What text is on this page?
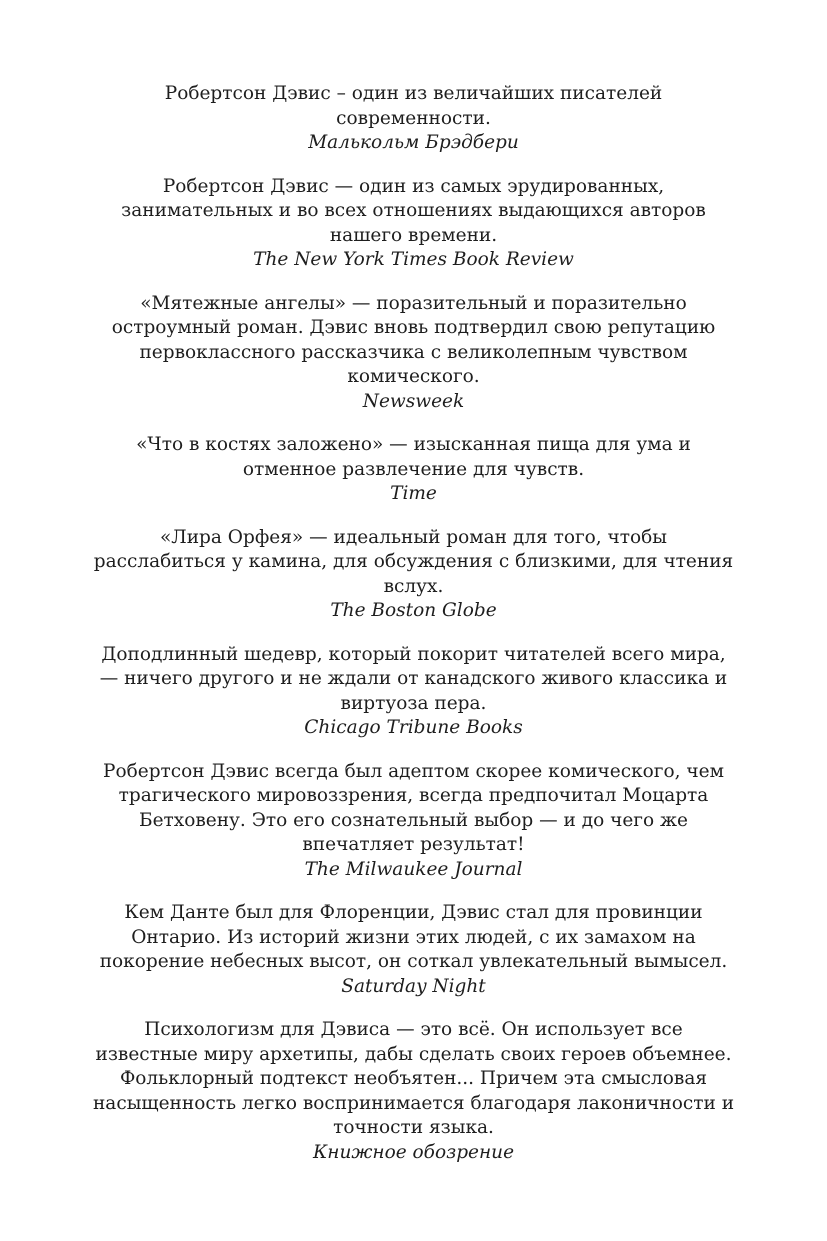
Робертсон Дэвис – один из величайших писателей современности.
Малькольм Брэдбери
Робертсон Дэвис — один из самых эрудированных, занимательных и во всех отношениях выдающихся авторов нашего времени.
The New York Times Book Review
«Мятежные ангелы» — поразительный и поразительно остроумный роман. Дэвис вновь подтвердил свою репутацию первоклассного рассказчика с великолепным чувством комического.
Newsweek
«Что в костях заложено» — изысканная пища для ума и отменное развлечение для чувств.
Time
«Лира Орфея» — идеальный роман для того, чтобы расслабиться у камина, для обсуждения с близкими, для чтения вслух.
The Boston Globe
Доподлинный шедевр, который покорит читателей всего мира, — ничего другого и не ждали от канадского живого классика и виртуоза пера.
Chicago Tribune Books
Робертсон Дэвис всегда был адептом скорее комического, чем трагического мировоззрения, всегда предпочитал Моцарта Бетховену. Это его сознательный выбор — и до чего же впечатляет результат!
The Milwaukee Journal
Кем Данте был для Флоренции, Дэвис стал для провинции Онтарио. Из историй жизни этих людей, с их замахом на покорение небесных высот, он соткал увлекательный вымысел.
Saturday Night
Психологизм для Дэвиса — это всё. Он использует все известные миру архетипы, дабы сделать своих героев объемнее. Фольклорный подтекст необъятен... Причем эта смысловая насыщенность легко воспринимается благодаря лаконичности и точности языка.
Книжное обозрение
